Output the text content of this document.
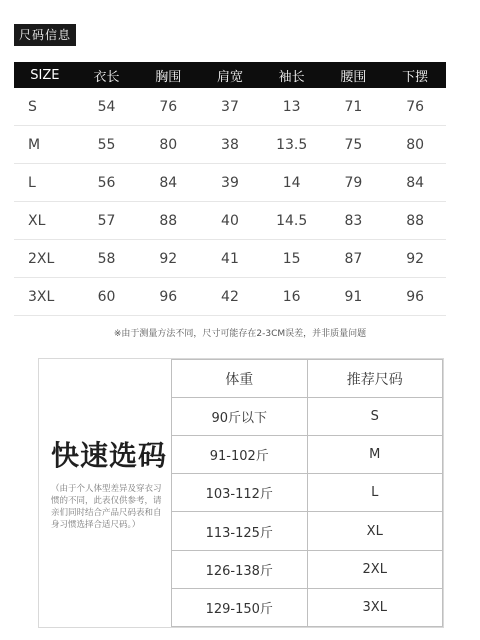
尺码信息
SIZE	衣长	胸围	肩宽	袖长	腰围	下摆
S	54	76	37	13	71	76
M	55	80	38	13.5	75	80
L	56	84	39	14	79	84
XL	57	88	40	14.5	83	88
2XL	58	92	41	15	87	92
3XL	60	96	42	16	91	96
※由于测量方法不同，尺寸可能存在2-3CM误差，并非质量问题
快速选码
（由于个人体型差异及穿衣习惯的不同，此表仅供参考，请亲们同时结合产品尺码表和自身习惯选择合适尺码。）
体重	推荐尺码
90斤以下	S
91-102斤	M
103-112斤	L
113-125斤	XL
126-138斤	2XL
129-150斤	3XL
